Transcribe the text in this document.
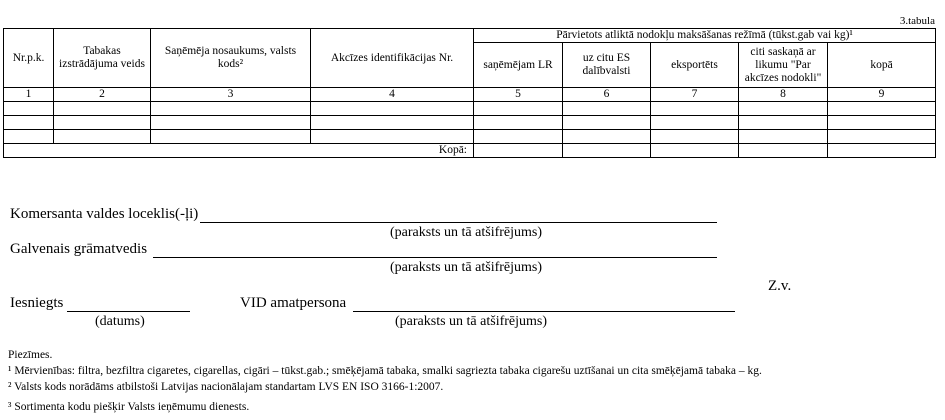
3.tabula
Nr.p.k.	Tabakas izstrādājuma veids	Saņēmēja nosaukums, valsts kods²	Akcīzes identifikācijas Nr.	Pārvietots atliktā nodokļu maksāšanas režīmā (tūkst.gab vai kg)¹				
				saņēmējam LR	uz citu ES dalībvalsti	eksportēts	citi saskaņā ar likumu "Par akcīzes nodokli"	kopā
1	2	3	4	5	6	7	8	9

Kopā:								
Komersanta valdes loceklis(-ļi)
(paraksts un tā atšifrējums)
Galvenais grāmatvedis
(paraksts un tā atšifrējums)
Z.v.
Iesniegts
(datums)
VID amatpersona
(paraksts un tā atšifrējums)
Piezīmes.
¹ Mērvienības: filtra, bezfiltra cigaretes, cigarellas, cigāri – tūkst.gab.; smēķējamā tabaka, smalki sagriezta tabaka cigarešu uztīšanai un cita smēķējamā tabaka – kg.
² Valsts kods norādāms atbilstoši Latvijas nacionālajam standartam LVS EN ISO 3166-1:2007.
³ Sortimenta kodu piešķir Valsts ieņēmumu dienests.
